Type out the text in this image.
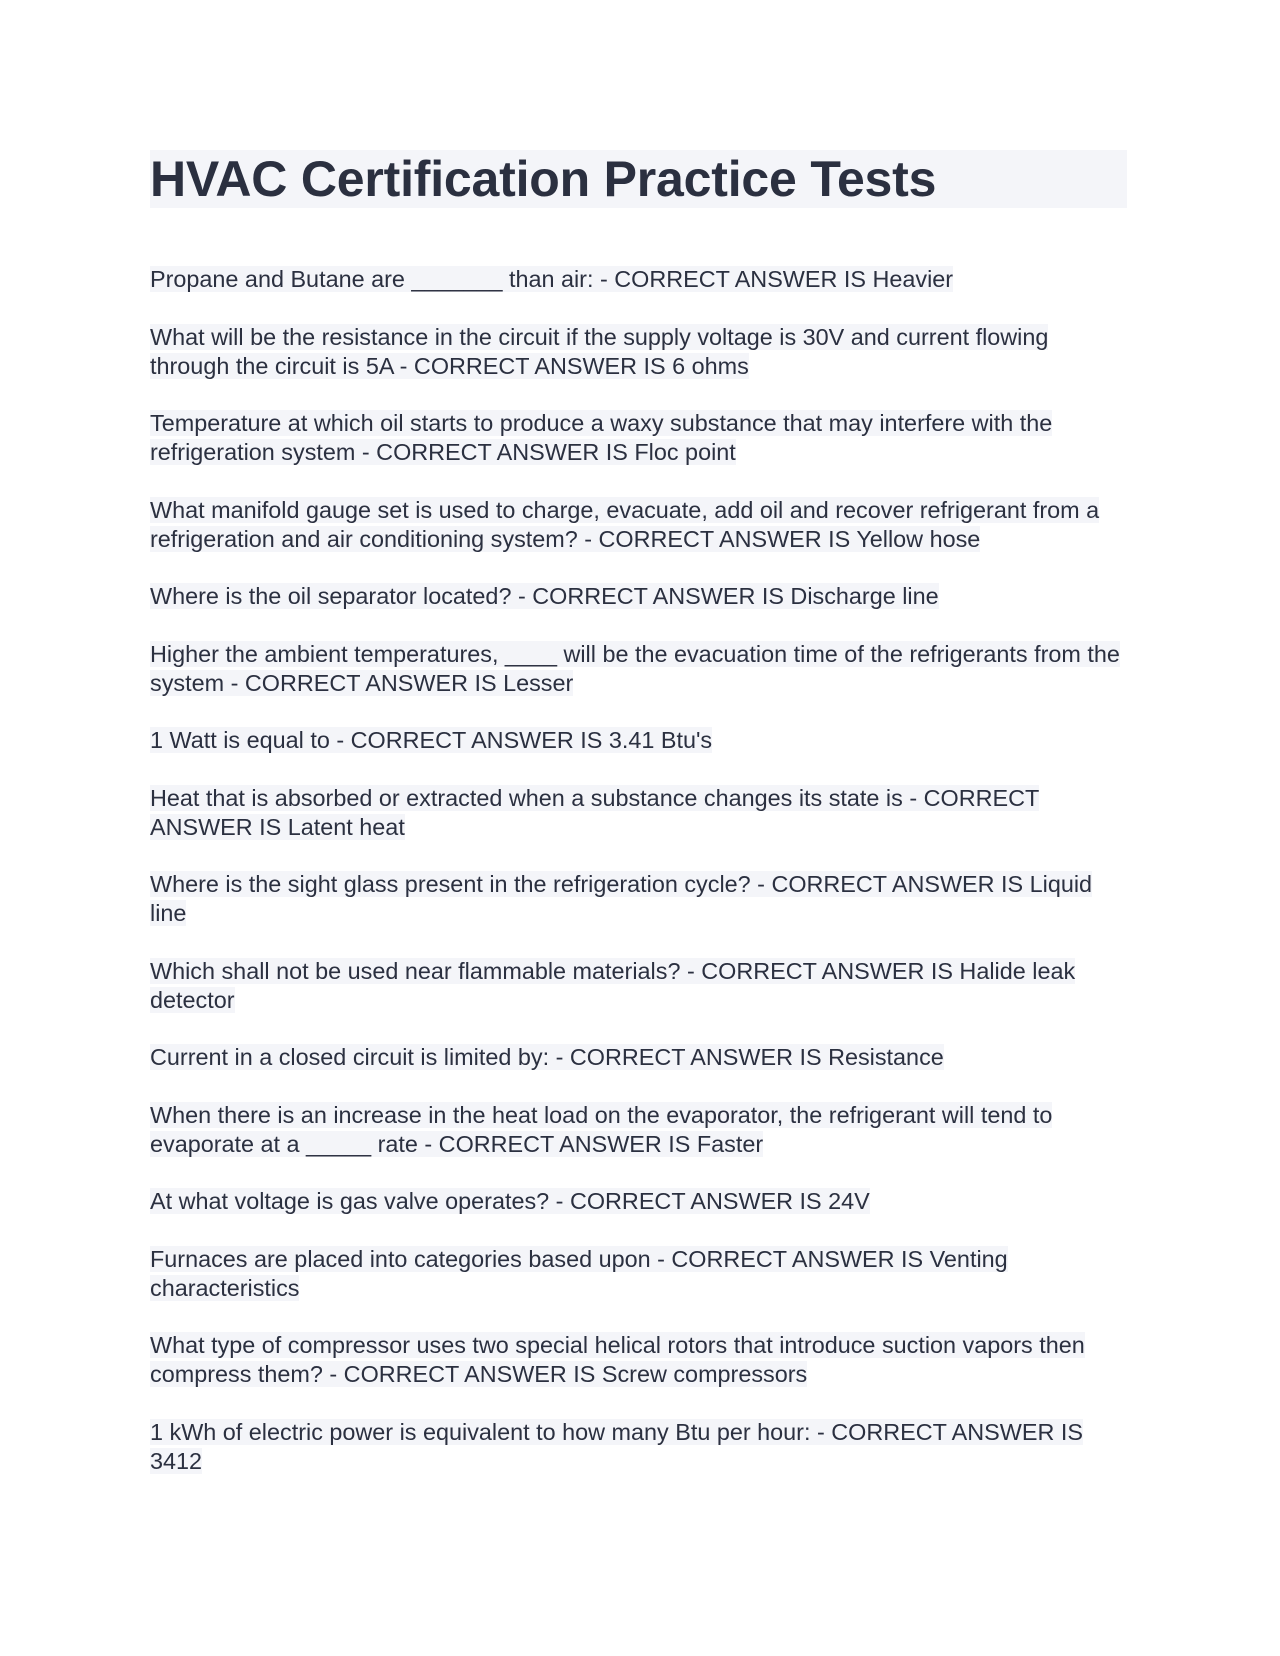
HVAC Certification Practice Tests

Propane and Butane are _______ than air: - CORRECT ANSWER IS Heavier

What will be the resistance in the circuit if the supply voltage is 30V and current flowing through the circuit is 5A - CORRECT ANSWER IS 6 ohms

Temperature at which oil starts to produce a waxy substance that may interfere with the refrigeration system - CORRECT ANSWER IS Floc point

What manifold gauge set is used to charge, evacuate, add oil and recover refrigerant from a refrigeration and air conditioning system? - CORRECT ANSWER IS Yellow hose

Where is the oil separator located? - CORRECT ANSWER IS Discharge line

Higher the ambient temperatures, ____ will be the evacuation time of the refrigerants from the system - CORRECT ANSWER IS Lesser

1 Watt is equal to - CORRECT ANSWER IS 3.41 Btu's

Heat that is absorbed or extracted when a substance changes its state is - CORRECT ANSWER IS Latent heat

Where is the sight glass present in the refrigeration cycle? - CORRECT ANSWER IS Liquid line

Which shall not be used near flammable materials? - CORRECT ANSWER IS Halide leak detector

Current in a closed circuit is limited by: - CORRECT ANSWER IS Resistance

When there is an increase in the heat load on the evaporator, the refrigerant will tend to evaporate at a _____ rate - CORRECT ANSWER IS Faster

At what voltage is gas valve operates? - CORRECT ANSWER IS 24V

Furnaces are placed into categories based upon - CORRECT ANSWER IS Venting characteristics

What type of compressor uses two special helical rotors that introduce suction vapors then compress them? - CORRECT ANSWER IS Screw compressors

1 kWh of electric power is equivalent to how many Btu per hour: - CORRECT ANSWER IS 3412
